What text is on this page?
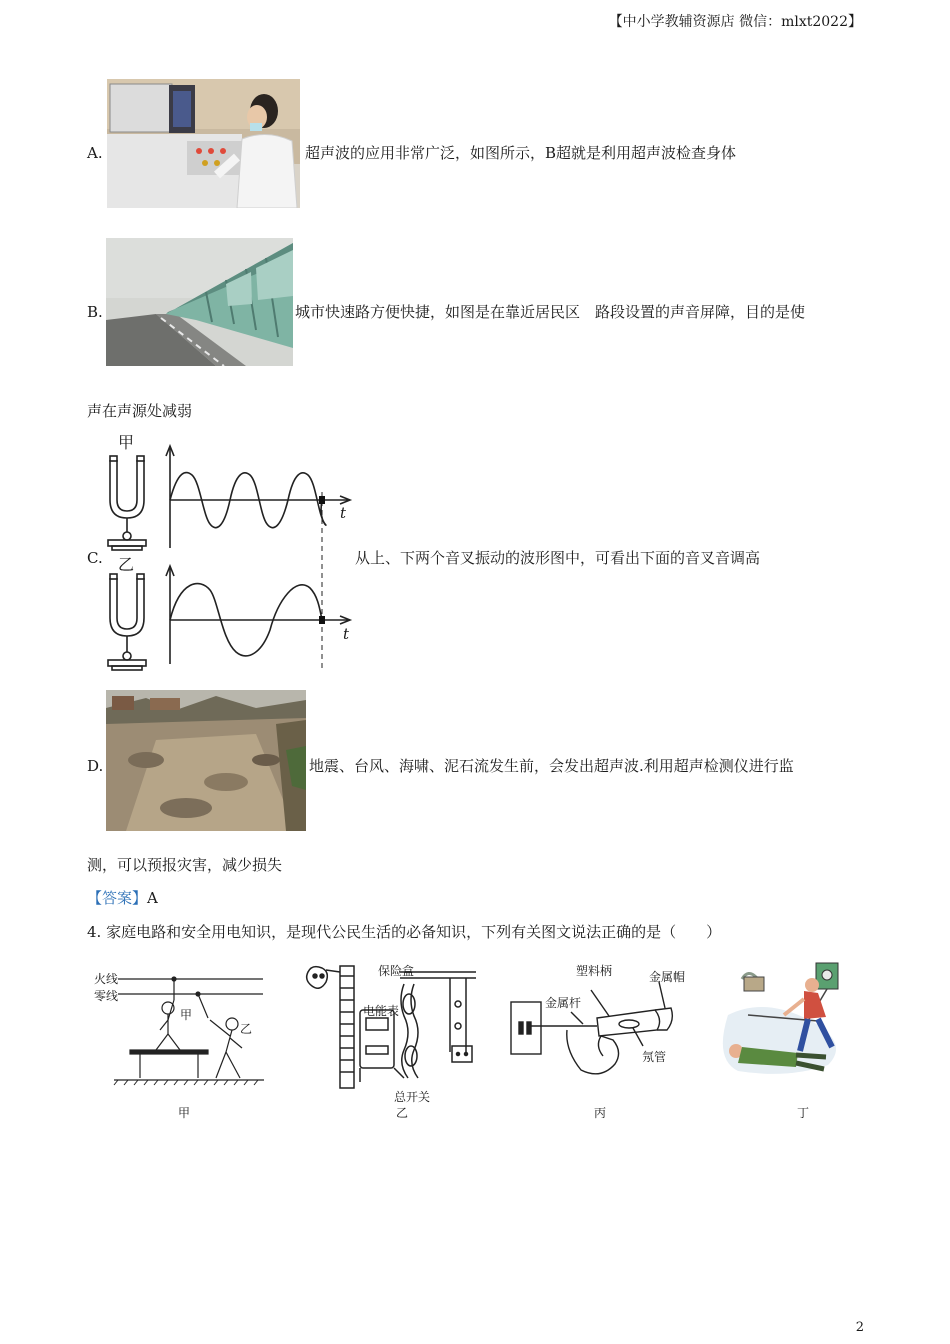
【中小学教辅资源店 微信：mlxt2022】
A.	超声波的应用非常广泛，如图所示，B超就是利用超声波检查身体
B.	城市快速路方便快捷，如图是在靠近居民区　路段设置的声音屏障，目的是使
声在声源处减弱
C.
甲
乙
t
t
从上、下两个音叉振动的波形图中，可看出下面的音叉音调高
D.	地震、台风、海啸、泥石流发生前，会发出超声波.利用超声检测仪进行监
测，可以预报灾害，减少损失
【答案】A
4. 家庭电路和安全用电知识，是现代公民生活的必备知识，下列有关图文说法正确的是（　　）
火线
零线
甲
乙
甲
保险盒
电能表
总开关
乙
塑料柄	金属帽
金属杆
氖管
丙	丁
2
